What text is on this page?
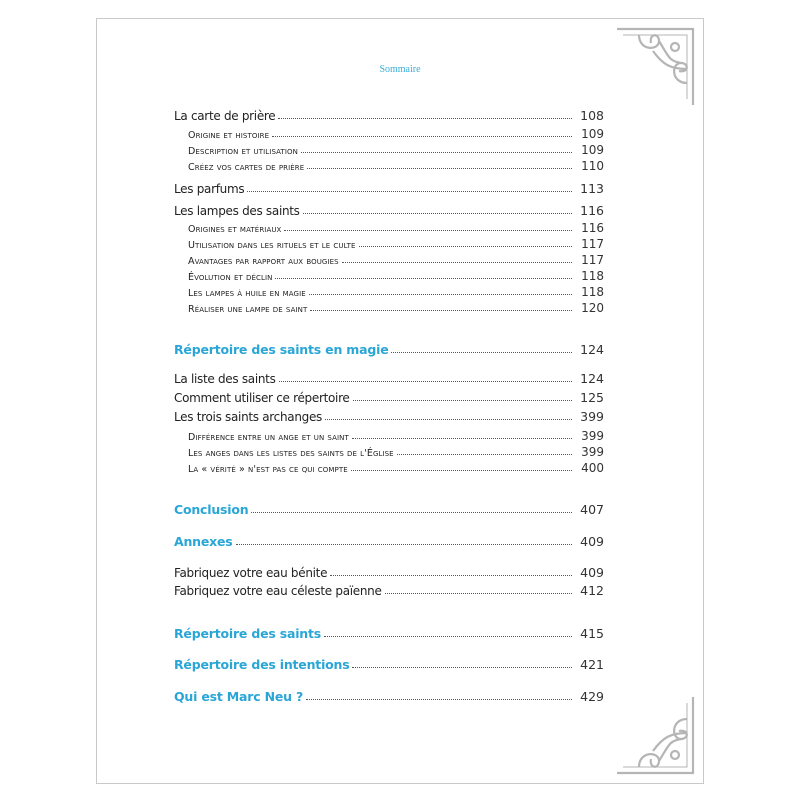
Sommaire
La carte de prière	108
Origine et histoire	109
Description et utilisation	109
Créez vos cartes de prière	110
Les parfums	113
Les lampes des saints	116
Origines et matériaux	116
Utilisation dans les rituels et le culte	117
Avantages par rapport aux bougies	117
Évolution et déclin	118
Les lampes à huile en magie	118
Réaliser une lampe de saint	120
Répertoire des saints en magie	124
La liste des saints	124
Comment utiliser ce répertoire	125
Les trois saints archanges	399
Différence entre un ange et un saint	399
Les anges dans les listes des saints de l'Église	399
La « vérité » n'est pas ce qui compte	400
Conclusion	407
Annexes	409
Fabriquez votre eau bénite	409
Fabriquez votre eau céleste païenne	412
Répertoire des saints	415
Répertoire des intentions	421
Qui est Marc Neu ?	429
